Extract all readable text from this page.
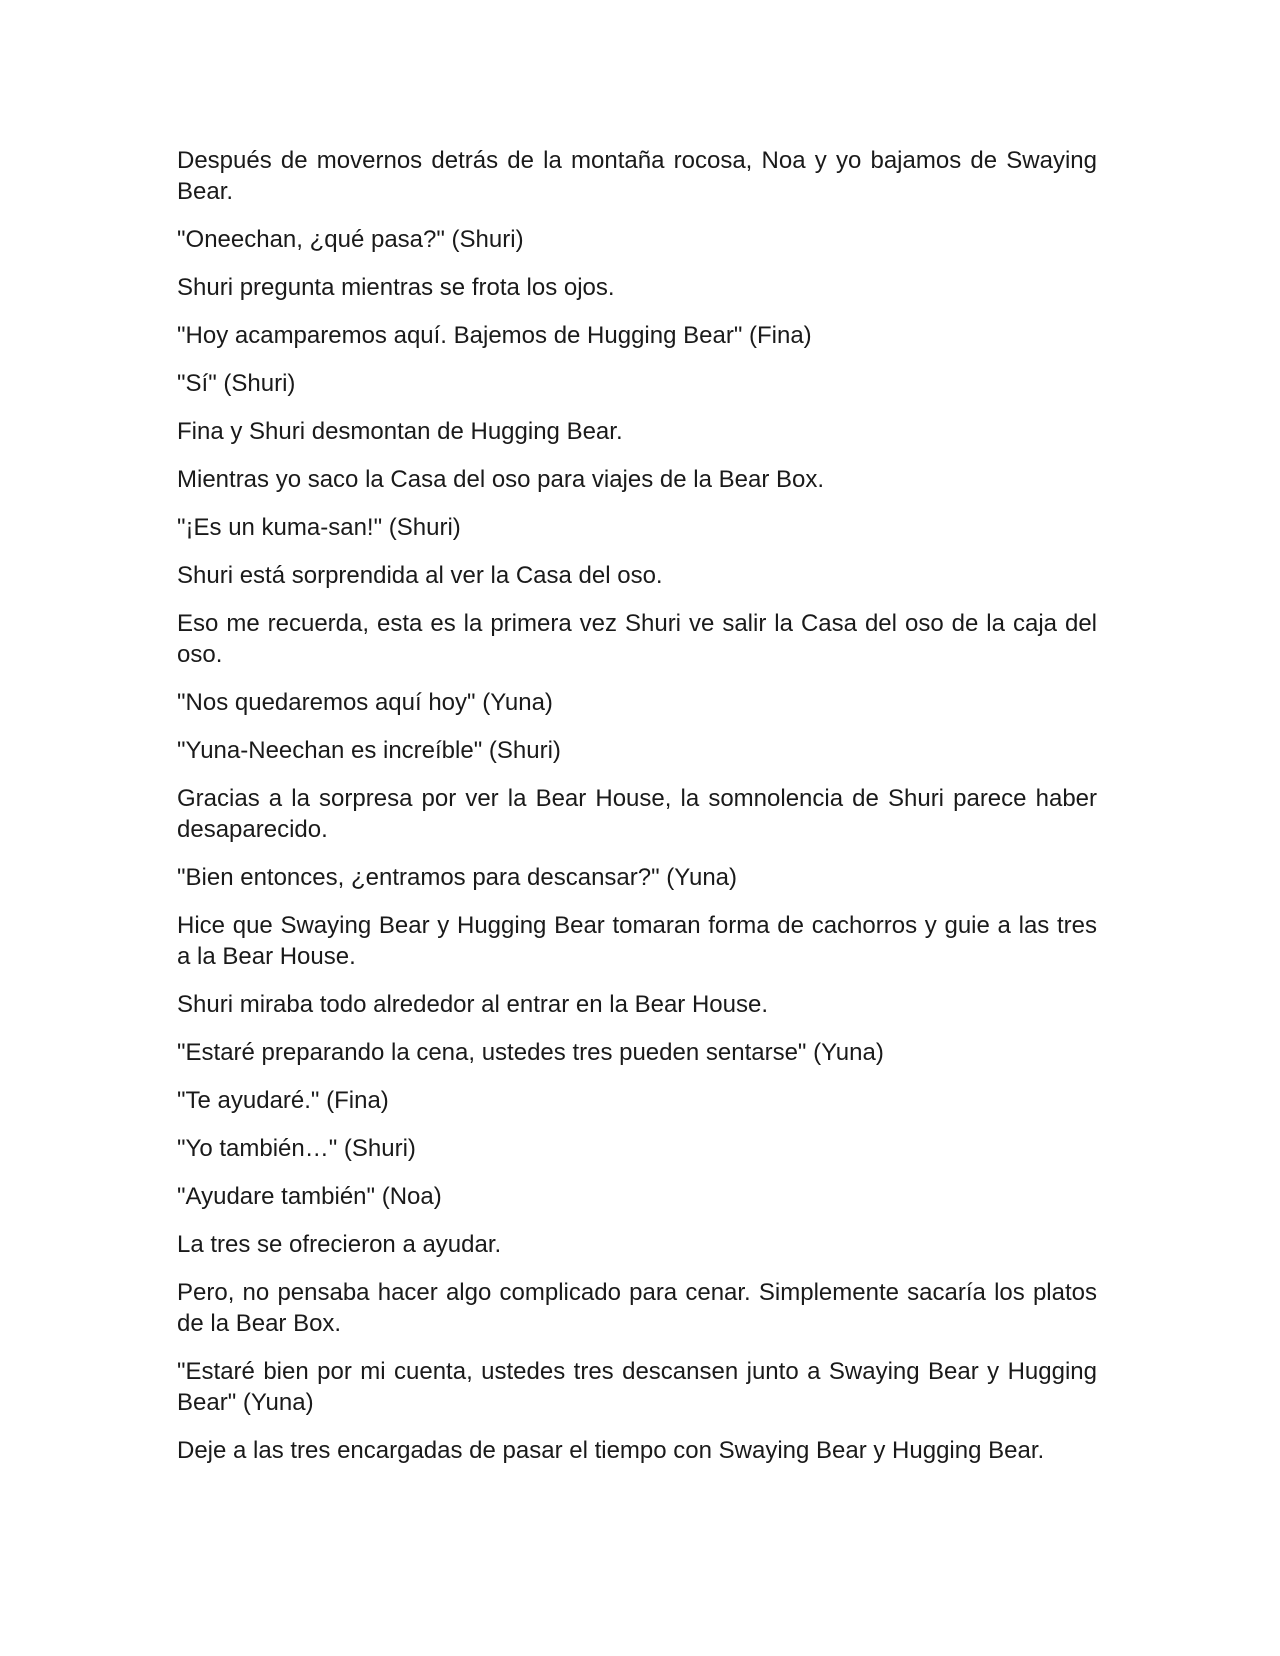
Después de movernos detrás de la montaña rocosa, Noa y yo bajamos de Swaying Bear.

"Oneechan, ¿qué pasa?" (Shuri)

Shuri pregunta mientras se frota los ojos.

"Hoy acamparemos aquí. Bajemos de Hugging Bear" (Fina)

"Sí" (Shuri)

Fina y Shuri desmontan de Hugging Bear.

Mientras yo saco la Casa del oso para viajes de la Bear Box.

"¡Es un kuma-san!" (Shuri)

Shuri está sorprendida al ver la Casa del oso.

Eso me recuerda, esta es la primera vez Shuri ve salir la Casa del oso de la caja del oso.

"Nos quedaremos aquí hoy" (Yuna)

"Yuna-Neechan es increíble" (Shuri)

Gracias a la sorpresa por ver la Bear House, la somnolencia de Shuri parece haber desaparecido.

"Bien entonces, ¿entramos para descansar?" (Yuna)

Hice que Swaying Bear y Hugging Bear tomaran forma de cachorros y guie a las tres a la Bear House.

Shuri miraba todo alrededor al entrar en la Bear House.

"Estaré preparando la cena, ustedes tres pueden sentarse" (Yuna)

"Te ayudaré." (Fina)

"Yo también…" (Shuri)

"Ayudare también" (Noa)

La tres se ofrecieron a ayudar.

Pero, no pensaba hacer algo complicado para cenar. Simplemente sacaría los platos de la Bear Box.

"Estaré bien por mi cuenta, ustedes tres descansen junto a Swaying Bear y Hugging Bear" (Yuna)

Deje a las tres encargadas de pasar el tiempo con Swaying Bear y Hugging Bear.
